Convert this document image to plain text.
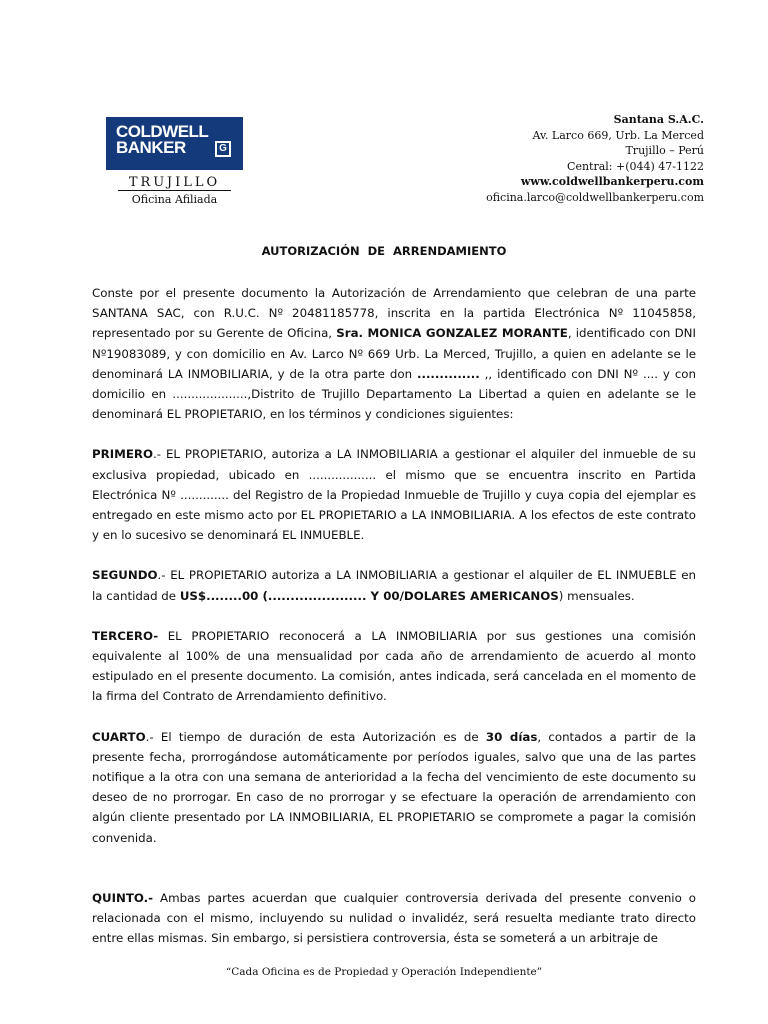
COLDWELL
BANKER	G
TRUJILLO
Oficina Afiliada
Santana S.A.C.
Av. Larco 669, Urb. La Merced
Trujillo – Perú
Central: +(044) 47-1122
www.coldwellbankerperu.com
oficina.larco@coldwellbankerperu.com
AUTORIZACIÓN DE ARRENDAMIENTO

Conste por el presente documento la Autorización de Arrendamiento que celebran de una parte SANTANA SAC, con R.U.C. Nº 20481185778, inscrita en la partida Electrónica Nº 11045858, representado por su Gerente de Oficina, Sra. MONICA GONZALEZ MORANTE, identificado con DNI Nº19083089, y con domicilio en Av. Larco Nº 669 Urb. La Merced, Trujillo, a quien en adelante se le denominará LA INMOBILIARIA, y de la otra parte don .............. ,, identificado con DNI Nº .... y con domicilio en ....................,Distrito de Trujillo Departamento La Libertad a quien en adelante se le denominará EL PROPIETARIO, en los términos y condiciones siguientes:

PRIMERO.- EL PROPIETARIO, autoriza a LA INMOBILIARIA a gestionar el alquiler del inmueble de su exclusiva propiedad, ubicado en .................. el mismo que se encuentra inscrito en Partida Electrónica Nº ............. del Registro de la Propiedad Inmueble de Trujillo y cuya copia del ejemplar es entregado en este mismo acto por EL PROPIETARIO a LA INMOBILIARIA. A los efectos de este contrato y en lo sucesivo se denominará EL INMUEBLE.

SEGUNDO.- EL PROPIETARIO autoriza a LA INMOBILIARIA a gestionar el alquiler de EL INMUEBLE en la cantidad de US$........00 (...................... Y 00/DOLARES AMERICANOS) mensuales.

TERCERO- EL PROPIETARIO reconocerá a LA INMOBILIARIA por sus gestiones una comisión equivalente al 100% de una mensualidad por cada año de arrendamiento de acuerdo al monto estipulado en el presente documento. La comisión, antes indicada, será cancelada en el momento de la firma del Contrato de Arrendamiento definitivo.

CUARTO.- El tiempo de duración de esta Autorización es de 30 días, contados a partir de la presente fecha, prorrogándose automáticamente por períodos iguales, salvo que una de las partes notifique a la otra con una semana de anterioridad a la fecha del vencimiento de este documento su deseo de no prorrogar. En caso de no prorrogar y se efectuare la operación de arrendamiento con algún cliente presentado por LA INMOBILIARIA, EL PROPIETARIO se compromete a pagar la comisión convenida.

QUINTO.- Ambas partes acuerdan que cualquier controversia derivada del presente convenio o relacionada con el mismo, incluyendo su nulidad o invalidéz, será resuelta mediante trato directo entre ellas mismas. Sin embargo, si persistiera controversia, ésta se someterá a un arbitraje de

“Cada Oficina es de Propiedad y Operación Independiente”
